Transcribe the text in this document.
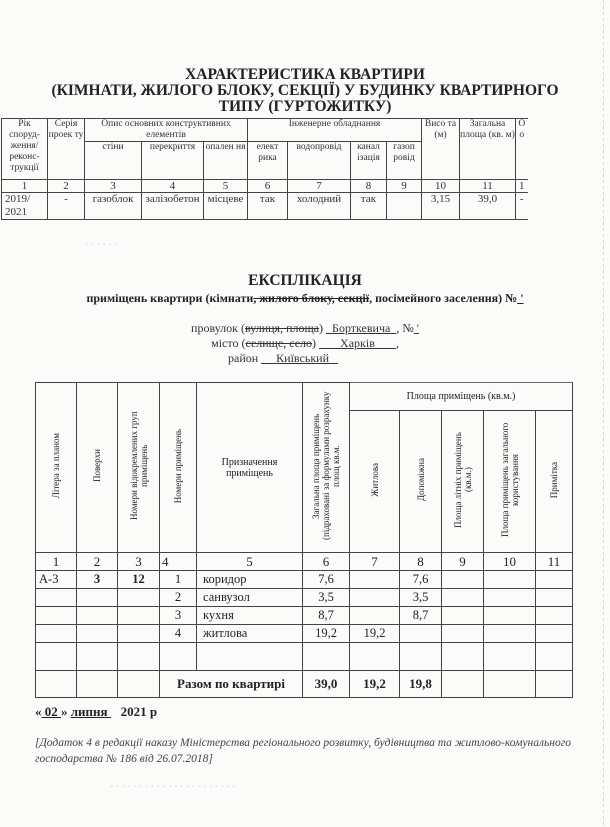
ХАРАКТЕРИСТИКА КВАРТИРИ
(КІМНАТИ, ЖИЛОГО БЛОКУ, СЕКЦІЇ) У БУДИНКУ КВАРТИРНОГО
ТИПУ (ГУРТОЖИТКУ)
Рік споруд-ження/ реконс-трукції	Серія проек ту	Опис основних конструктивних елементів			Інженерне обладнання				Висо та (м)	Загальна площа (кв. м)	О о
		стіни	перекриття	опален ня	елект рика	водопровід	канал ізація	газоп ровід			
1	2	3	4	5	6	7	8	9	10	11	1
2019/ 2021	-	газоблок	залізобетон	місцеве	так	холодний	так		3,15	39,0	-
· · · · · ·
ЕКСПЛІКАЦІЯ
приміщень квартири (кімнати, жилого блоку, секції, посімейного заселення) № '
провулок (вулиця, площа) Борткевича , № '
місто (селище, село) Харків ,
район Київський
Літера за планом	Поверхи	Номери відокремлених груп приміщень	Номери приміщень	Призначення приміщень	Загальна площа приміщень (підраховані за формулами розрахунку площ кв.м.	Площа приміщень (кв.м.)				
						Житлова	Допоміжна	Площа літніх приміщень (кв.м.)	Площа приміщень загального користування	Примітка
1	2	3	4	5	6	7	8	9	10	11
А-3	3	12	1	коридор	7,6		7,6			
			2	санвузол	3,5		3,5			
			3	кухня	8,7		8,7			
			4	житлова	19,2	19,2				

			Разом по квартирі		39,0	19,2	19,8			
« 02 » липня    2021 р
[Додаток 4 в редакції наказу Міністерства регіонального розвитку, будівництва та житлово-комунального господарства № 186 від 26.07.2018]
· · · · · · · · · · · · · · · · · · · · · ·
